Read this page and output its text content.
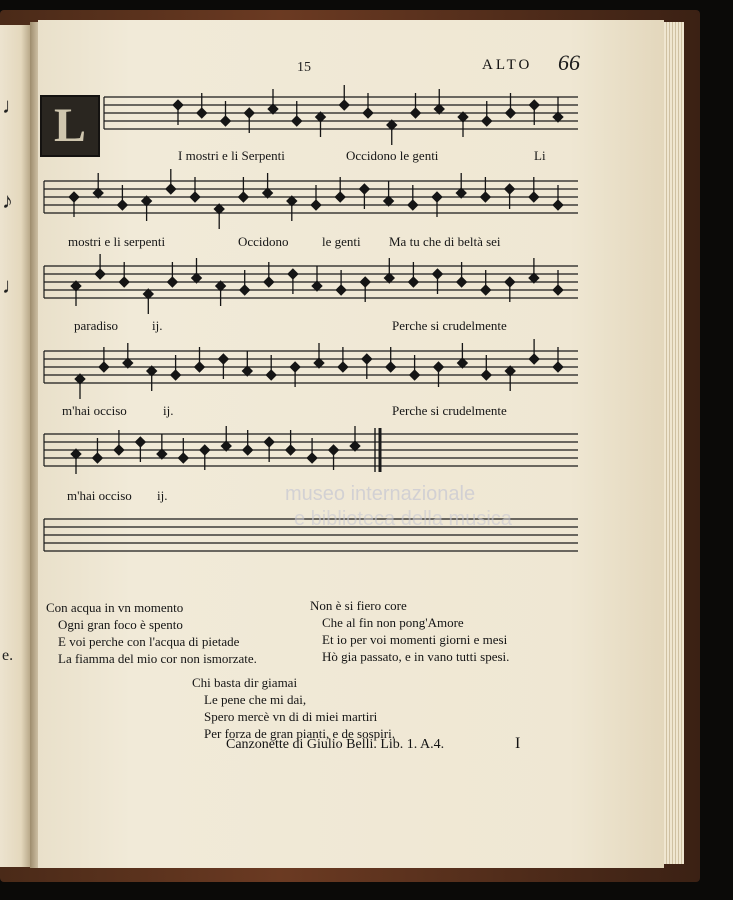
♩
♪
♩
e.
15	ALTO 66
L
I mostri e li Serpenti	Occidono le genti	Li
mostri e li serpenti	Occidono	le genti Ma tu che di beltà sei
paradiso	ij.	Perche si crudelmente
m'hai occiso	ij.	Perche si crudelmente
m'hai occiso ij.	museo internazionale
e biblioteca della musica
Con acqua in vn momento
Ogni gran foco è spento
E voi perche con l'acqua di pietade
La fiamma del mio cor non ismorzate.
Non è si fiero core
Che al fin non pong'Amore
Et io per voi momenti giorni e mesi
Hò gia passato, e in vano tutti spesi.
Chi basta dir giamai
Le pene che mi dai,
Spero mercè vn di di miei martiri
Per forza de gran pianti, e de sospiri.
Canzonette di Giulio Belli. Lib. 1. A.4.	I
